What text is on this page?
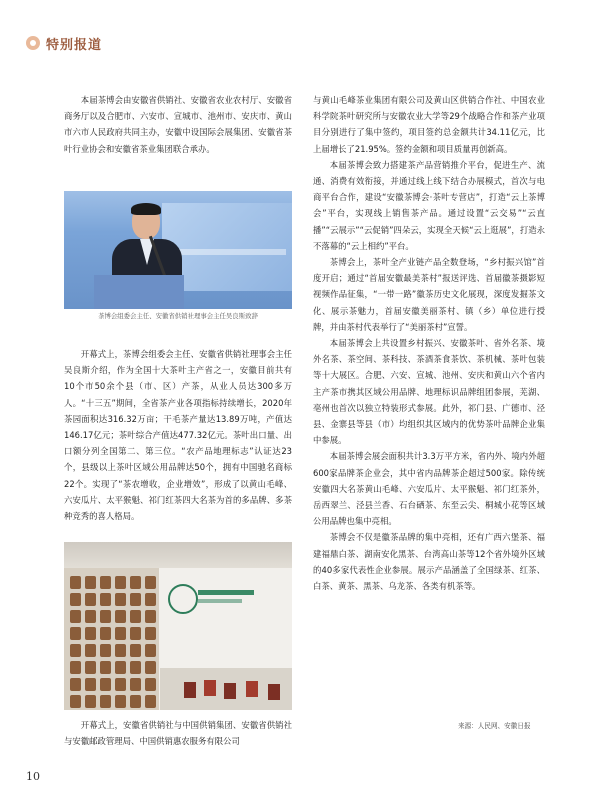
特别报道

本届茶博会由安徽省供销社、安徽省农业农村厅、安徽省商务厅以及合肥市、六安市、宣城市、池州市、安庆市、黄山市六市人民政府共同主办，安徽中设国际会展集团、安徽省茶叶行业协会和安徽省茶业集团联合承办。

茶博会组委会主任、安徽省供销社理事会主任吴良斯致辞

开幕式上，茶博会组委会主任、安徽省供销社理事会主任吴良斯介绍，作为全国十大茶叶主产省之一，安徽目前共有10个市50余个县（市、区）产茶，从业人员达300多万人。“十三五”期间，全省茶产业各项指标持续增长，2020年茶园面积达316.32万亩；干毛茶产量达13.89万吨，产值达146.17亿元；茶叶综合产值达477.32亿元。茶叶出口量、出口额分列全国第二、第三位。“农产品地理标志”认证达23个，县级以上茶叶区域公用品牌达50个，拥有中国驰名商标22个。实现了“茶农增收，企业增效”，形成了以黄山毛峰、六安瓜片、太平猴魁、祁门红茶四大名茶为首的多品牌、多茶种竞秀的喜人格局。

开幕式上，安徽省供销社与中国供销集团、安徽省供销社与安徽邮政管理局、中国供销惠农服务有限公司

与黄山毛峰茶业集团有限公司及黄山区供销合作社、中国农业科学院茶叶研究所与安徽农业大学等29个战略合作和茶产业项目分别进行了集中签约，项目签约总金额共计34.11亿元，比上届增长了21.95%。签约金额和项目质量再创新高。

本届茶博会致力搭建茶产品营销推介平台，促进生产、流通、消费有效衔接，并通过线上线下结合办展模式，首次与电商平台合作，建设“安徽茶博会·茶叶专营店”，打造“云上茶博会”平台，实现线上销售茶产品。通过设置“云交易”“云直播”“云展示”“云促销”四朵云，实现全天候“云上逛展”，打造永不落幕的“云上相约”平台。

茶博会上，茶叶全产业链产品全数登场，“乡村振兴馆”首度开启；通过“首届安徽最美茶村”报送评选、首届徽茶摄影短视频作品征集，“一带一路”徽茶历史文化展现，深度发掘茶文化、展示茶魅力，首届安徽美丽茶村、镇（乡）单位进行授牌，并由茶村代表举行了“美丽茶村”宣誓。

本届茶博会上共设置乡村振兴、安徽茶叶、省外名茶、境外名茶、茶空间、茶科技、茶酒茶食茶饮、茶机械、茶叶包装等十大展区。合肥、六安、宣城、池州、安庆和黄山六个省内主产茶市携其区域公用品牌、地理标识品牌组团参展，芜湖、亳州也首次以独立特装形式参展。此外，祁门县、广德市、泾县、金寨县等县（市）均组织其区域内的优势茶叶品牌企业集中参展。

本届茶博会展会面积共计3.3万平方米，省内外、境内外超600家品牌茶企业会，其中省内品牌茶企超过500家。除传统安徽四大名茶黄山毛峰、六安瓜片、太平猴魁、祁门红茶外，岳西翠兰、泾县兰香、石台硒茶、东至云尖、桐城小花等区域公用品牌也集中亮相。

茶博会不仅是徽茶品牌的集中亮相，还有广西六堡茶、福建福鼎白茶、湖南安化黑茶、台湾高山茶等12个省外境外区域的40多家代表性企业参展。展示产品涵盖了全国绿茶、红茶、白茶、黄茶、黑茶、乌龙茶、各类有机茶等。

来源：人民网、安徽日报
10
